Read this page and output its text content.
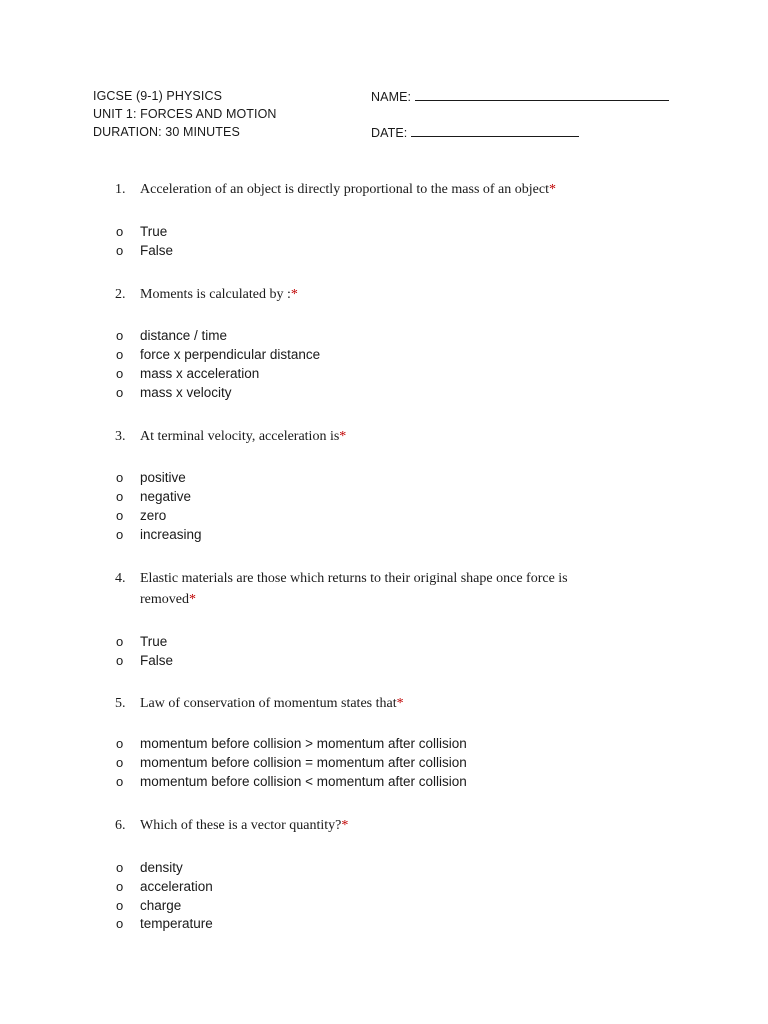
IGCSE (9-1) PHYSICS
UNIT 1: FORCES AND MOTION
DURATION: 30 MINUTES
NAME:
DATE:
1. Acceleration of an object is directly proportional to the mass of an object*
o True
o False
2. Moments is calculated by :*
o distance / time
o force x perpendicular distance
o mass x acceleration
o mass x velocity
3. At terminal velocity, acceleration is*
o positive
o negative
o zero
o increasing
4. Elastic materials are those which returns to their original shape once force is removed*
o True
o False
5. Law of conservation of momentum states that*
o momentum before collision > momentum after collision
o momentum before collision = momentum after collision
o momentum before collision < momentum after collision
6. Which of these is a vector quantity?*
o density
o acceleration
o charge
o temperature
